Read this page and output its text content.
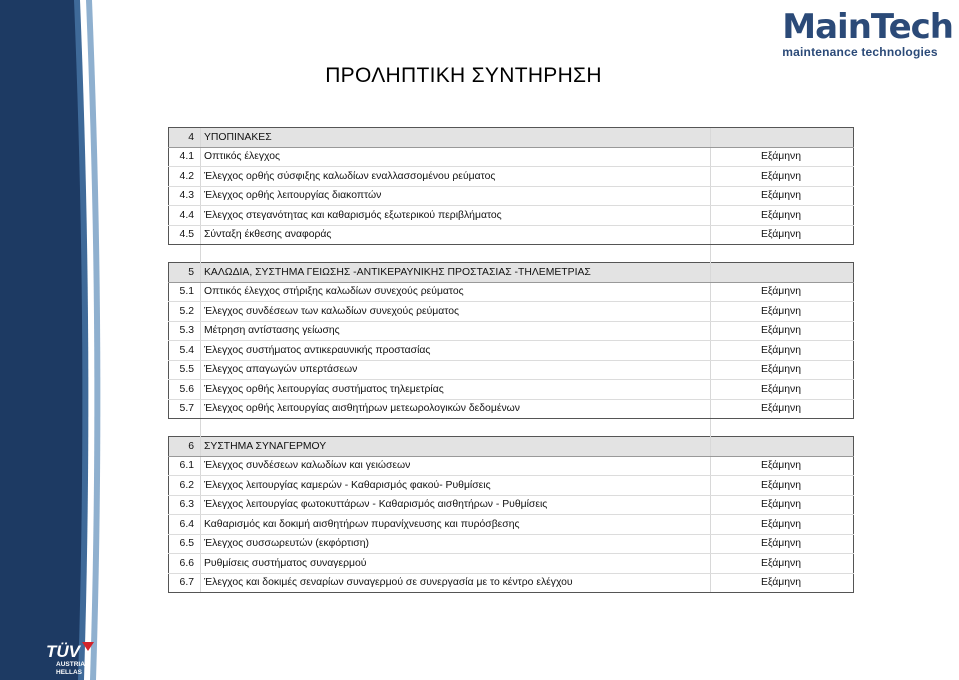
MainTech
maintenance technologies
ΠΡΟΛΗΠΤΙΚΗ ΣΥΝΤΗΡΗΣΗ
4	ΥΠΟΠΙΝΑΚΕΣ	
4.1	Οπτικός έλεγχος	Εξάμηνη
4.2	Έλεγχος ορθής σύσφιξης καλωδίων εναλλασσομένου ρεύματος	Εξάμηνη
4.3	Έλεγχος ορθής λειτουργίας διακοπτών	Εξάμηνη
4.4	Έλεγχος στεγανότητας και καθαρισμός εξωτερικού περιβλήματος	Εξάμηνη
4.5	Σύνταξη έκθεσης αναφοράς	Εξάμηνη

5	ΚΑΛΩΔΙΑ, ΣΥΣΤΗΜΑ ΓΕΙΩΣΗΣ -ΑΝΤΙΚΕΡΑΥΝΙΚΗΣ ΠΡΟΣΤΑΣΙΑΣ -ΤΗΛΕΜΕΤΡΙΑΣ	
5.1	Οπτικός έλεγχος στήριξης καλωδίων συνεχούς ρεύματος	Εξάμηνη
5.2	Έλεγχος συνδέσεων των καλωδίων συνεχούς ρεύματος	Εξάμηνη
5.3	Μέτρηση αντίστασης γείωσης	Εξάμηνη
5.4	Έλεγχος συστήματος αντικεραυνικής προστασίας	Εξάμηνη
5.5	Έλεγχος απαγωγών υπερτάσεων	Εξάμηνη
5.6	Έλεγχος ορθής λειτουργίας συστήματος τηλεμετρίας	Εξάμηνη
5.7	Έλεγχος ορθής λειτουργίας αισθητήρων μετεωρολογικών δεδομένων	Εξάμηνη

6	ΣΥΣΤΗΜΑ ΣΥΝΑΓΕΡΜΟΥ	
6.1	Έλεγχος συνδέσεων καλωδίων και γειώσεων	Εξάμηνη
6.2	Έλεγχος λειτουργίας καμερών - Καθαρισμός φακού- Ρυθμίσεις	Εξάμηνη
6.3	Έλεγχος λειτουργίας φωτοκυττάρων - Καθαρισμός αισθητήρων - Ρυθμίσεις	Εξάμηνη
6.4	Καθαρισμός και δοκιμή αισθητήρων πυρανίχνευσης και πυρόσβεσης	Εξάμηνη
6.5	Έλεγχος συσσωρευτών (εκφόρτιση)	Εξάμηνη
6.6	Ρυθμίσεις συστήματος συναγερμού	Εξάμηνη
6.7	Έλεγχος και δοκιμές σεναρίων συναγερμού σε συνεργασία με το κέντρο ελέγχου	Εξάμηνη
TÜV
AUSTRIA
HELLAS
